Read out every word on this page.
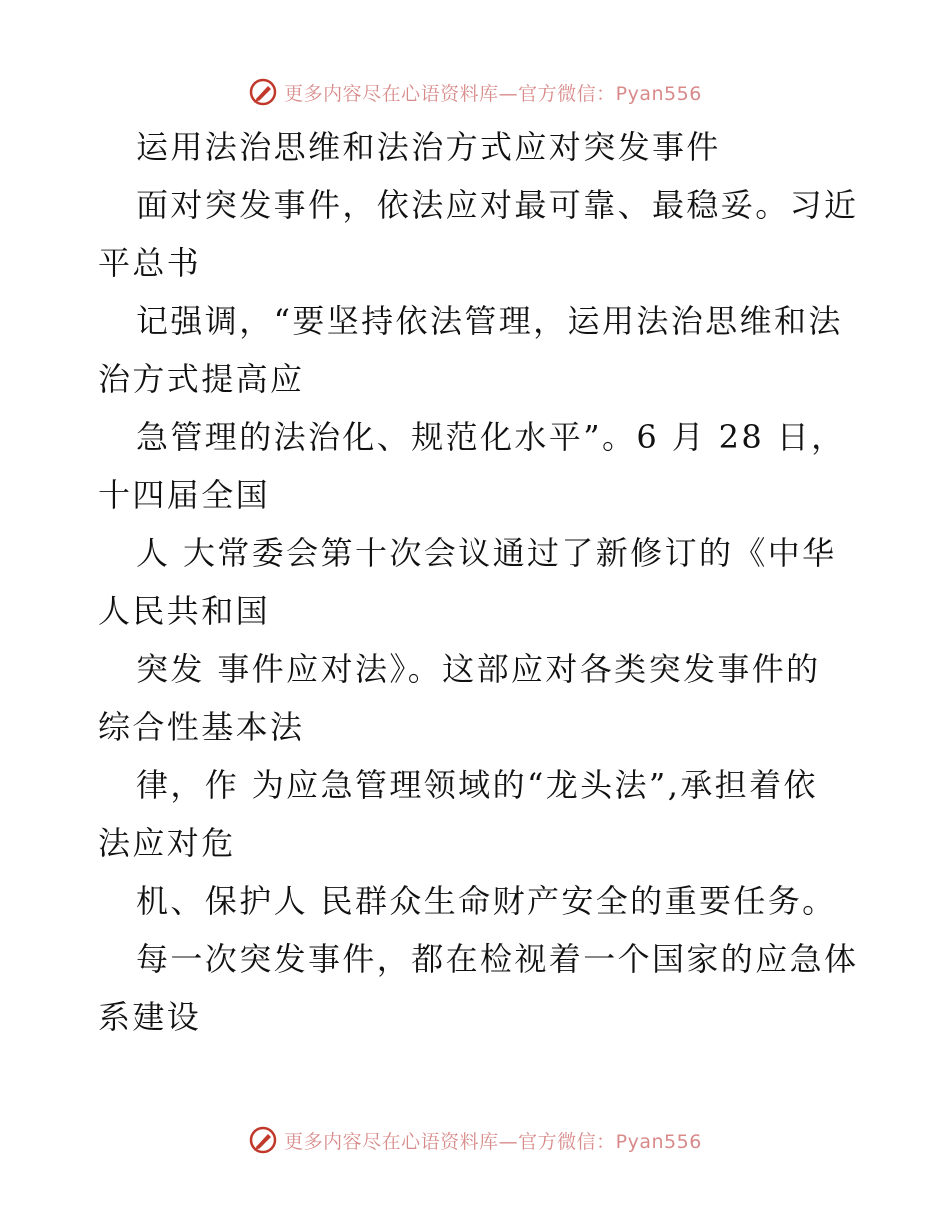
更多内容尽在心语资料库—官方微信：Pyan556
运用法治思维和法治方式应对突发事件
面对突发事件，依法应对最可靠、最稳妥。习近
平总书
记强调，“要坚持依法管理，运用法治思维和法
治方式提高应
急管理的法治化、规范化水平”。6 月 28 日，
十四届全国
人 大常委会第十次会议通过了新修订的《中华
人民共和国
突发 事件应对法》。这部应对各类突发事件的
综合性基本法
律，作 为应急管理领域的“龙头法”,承担着依
法应对危
机、保护人 民群众生命财产安全的重要任务。
每一次突发事件，都在检视着一个国家的应急体
系建设
更多内容尽在心语资料库—官方微信：Pyan556
